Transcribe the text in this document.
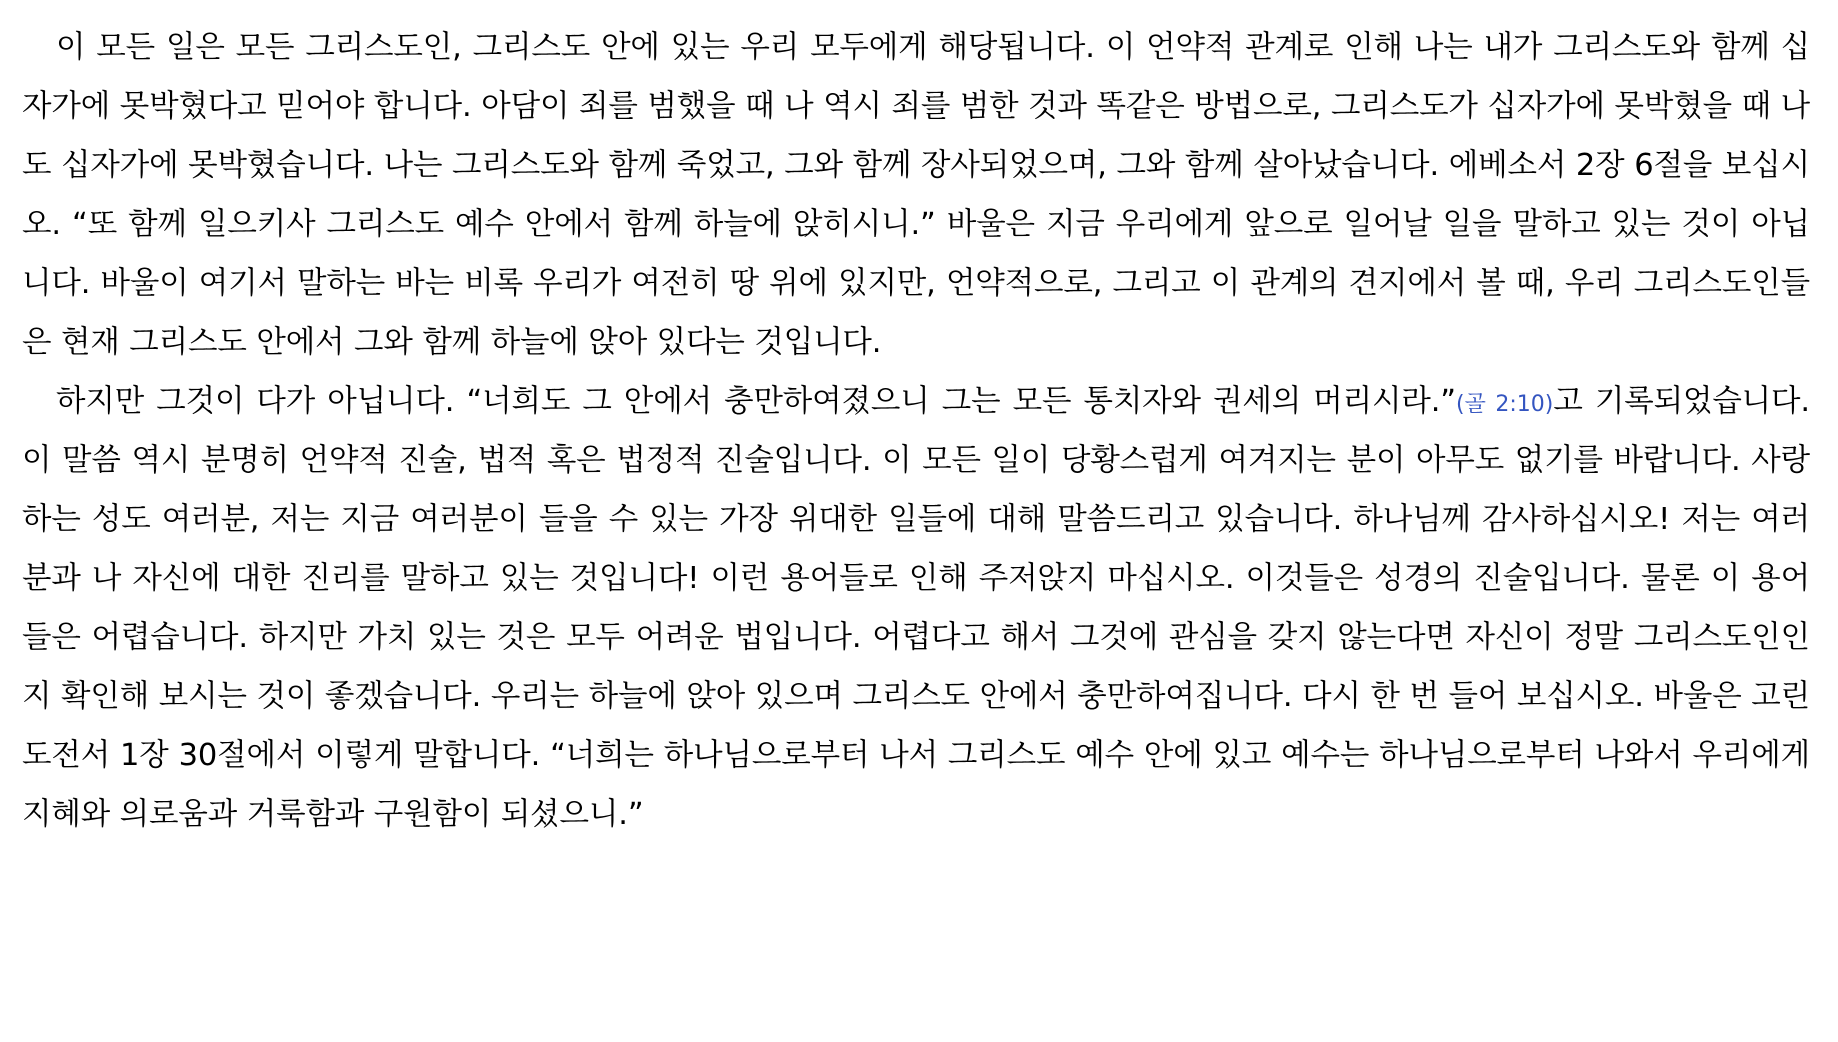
이 모든 일은 모든 그리스도인, 그리스도 안에 있는 우리 모두에게 해당됩니다. 이 언약적 관계로 인해 나는 내가 그리스도와 함께 십자가에 못박혔다고 믿어야 합니다. 아담이 죄를 범했을 때 나 역시 죄를 범한 것과 똑같은 방법으로, 그리스도가 십자가에 못박혔을 때 나도 십자가에 못박혔습니다. 나는 그리스도와 함께 죽었고, 그와 함께 장사되었으며, 그와 함께 살아났습니다. 에베소서 2장 6절을 보십시오. “또 함께 일으키사 그리스도 예수 안에서 함께 하늘에 앉히시니.” 바울은 지금 우리에게 앞으로 일어날 일을 말하고 있는 것이 아닙니다. 바울이 여기서 말하는 바는 비록 우리가 여전히 땅 위에 있지만, 언약적으로, 그리고 이 관계의 견지에서 볼 때, 우리 그리스도인들은 현재 그리스도 안에서 그와 함께 하늘에 앉아 있다는 것입니다.

하지만 그것이 다가 아닙니다. “너희도 그 안에서 충만하여졌으니 그는 모든 통치자와 권세의 머리시라.”(골 2:10)고 기록되었습니다. 이 말씀 역시 분명히 언약적 진술, 법적 혹은 법정적 진술입니다. 이 모든 일이 당황스럽게 여겨지는 분이 아무도 없기를 바랍니다. 사랑하는 성도 여러분, 저는 지금 여러분이 들을 수 있는 가장 위대한 일들에 대해 말씀드리고 있습니다. 하나님께 감사하십시오! 저는 여러분과 나 자신에 대한 진리를 말하고 있는 것입니다! 이런 용어들로 인해 주저앉지 마십시오. 이것들은 성경의 진술입니다. 물론 이 용어들은 어렵습니다. 하지만 가치 있는 것은 모두 어려운 법입니다. 어렵다고 해서 그것에 관심을 갖지 않는다면 자신이 정말 그리스도인인지 확인해 보시는 것이 좋겠습니다. 우리는 하늘에 앉아 있으며 그리스도 안에서 충만하여집니다. 다시 한 번 들어 보십시오. 바울은 고린도전서 1장 30절에서 이렇게 말합니다. “너희는 하나님으로부터 나서 그리스도 예수 안에 있고 예수는 하나님으로부터 나와서 우리에게 지혜와 의로움과 거룩함과 구원함이 되셨으니.”
